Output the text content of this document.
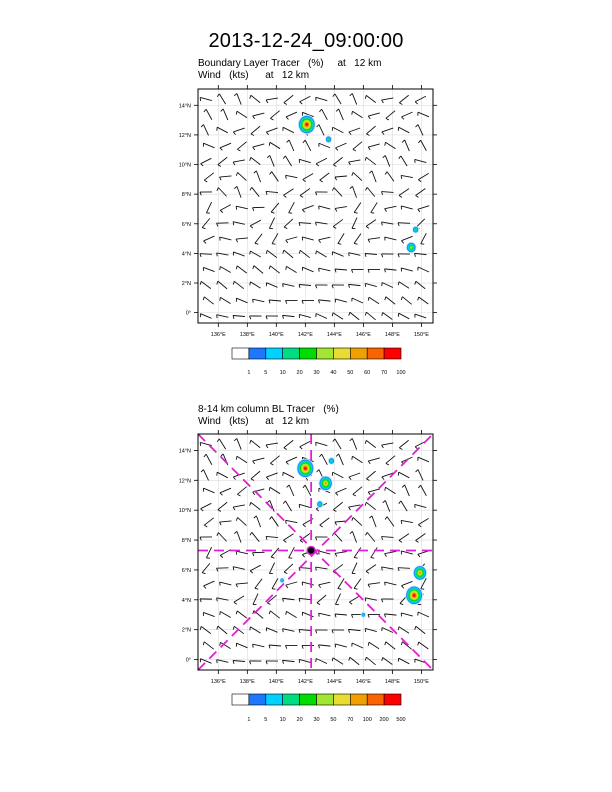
2013-12-24_09:00:00
Boundary Layer Tracer   (%)     at   12 km
Wind   (kts)      at   12 km
8-14 km column BL Tracer   (%)
Wind   (kts)      at   12 km
136°E	138°E	140°E	142°E	144°E	146°E	148°E	150°E
0°
2°N
4°N
6°N
8°N
10°N
12°N
14°N
1	5 10 20 30 40 50 60 70 100
136°E	138°E	140°E	142°E	144°E	146°E	148°E	150°E
0°
2°N
4°N
6°N
8°N
10°N
12°N
14°N
1	5 10 20 30 50 70 100 200 500
